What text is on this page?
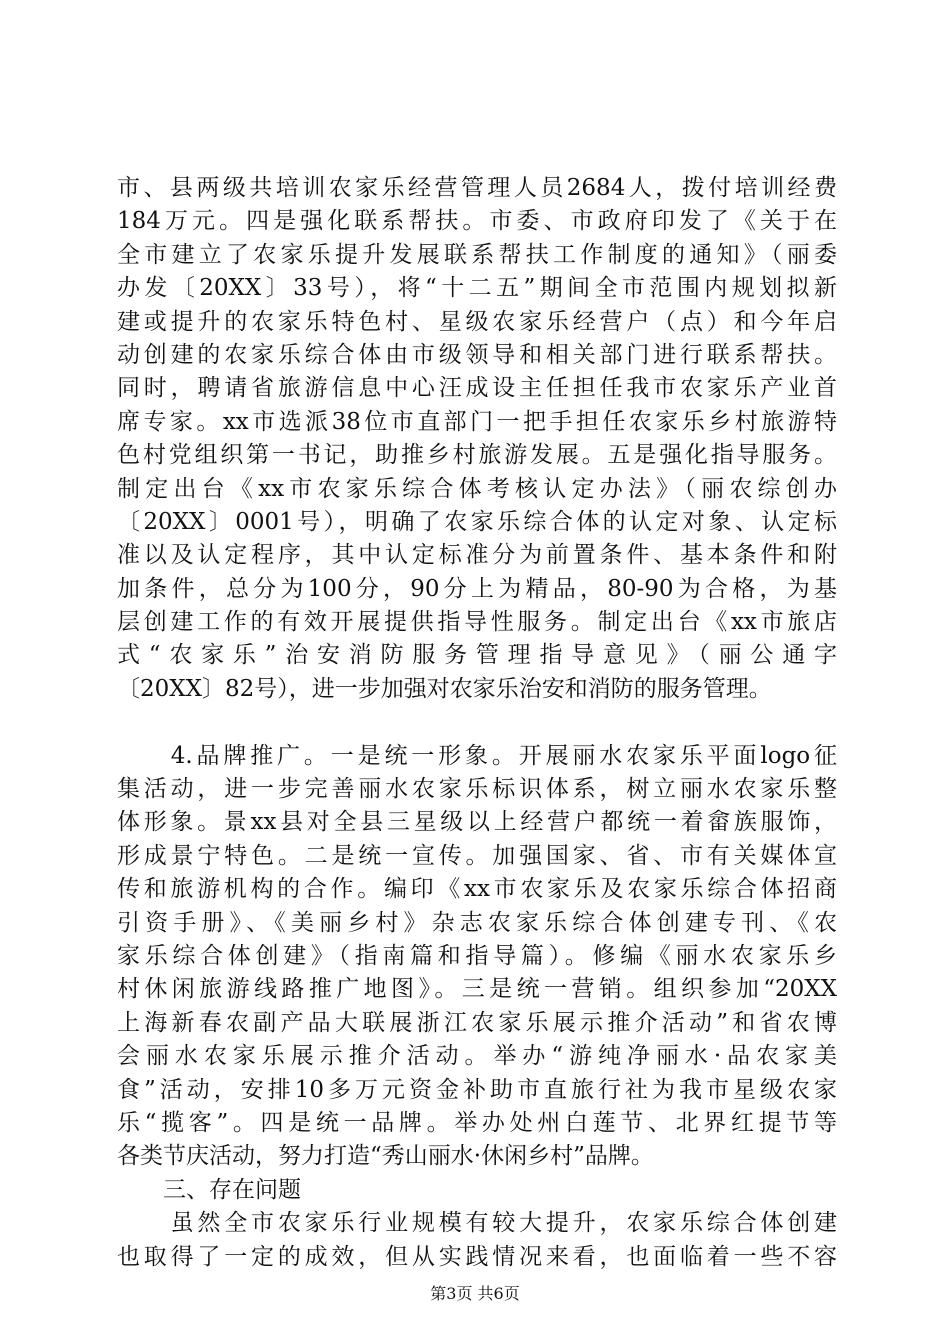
市、县两级共培训农家乐经营管理人员2684人，拨付培训经费
184万元。四是强化联系帮扶。市委、市政府印发了《关于在
全市建立了农家乐提升发展联系帮扶工作制度的通知》（丽委
办发〔20XX〕33号），将“十二五”期间全市范围内规划拟新
建或提升的农家乐特色村、星级农家乐经营户（点）和今年启
动创建的农家乐综合体由市级领导和相关部门进行联系帮扶。
同时，聘请省旅游信息中心汪成设主任担任我市农家乐产业首
席专家。xx市选派38位市直部门一把手担任农家乐乡村旅游特
色村党组织第一书记，助推乡村旅游发展。五是强化指导服务。
制定出台《xx市农家乐综合体考核认定办法》（丽农综创办
〔20XX〕0001号），明确了农家乐综合体的认定对象、认定标
准以及认定程序，其中认定标准分为前置条件、基本条件和附
加条件，总分为100分，90分上为精品，80-90为合格，为基
层创建工作的有效开展提供指导性服务。制定出台《xx市旅店
式“农家乐”治安消防服务管理指导意见》（丽公通字
〔20XX〕82号），进一步加强对农家乐治安和消防的服务管理。
　　4.品牌推广。一是统一形象。开展丽水农家乐平面logo征
集活动，进一步完善丽水农家乐标识体系，树立丽水农家乐整
体形象。景xx县对全县三星级以上经营户都统一着畲族服饰，
形成景宁特色。二是统一宣传。加强国家、省、市有关媒体宣
传和旅游机构的合作。编印《xx市农家乐及农家乐综合体招商
引资手册》、《美丽乡村》杂志农家乐综合体创建专刊、《农
家乐综合体创建》（指南篇和指导篇）。修编《丽水农家乐乡
村休闲旅游线路推广地图》。三是统一营销。组织参加“20XX
上海新春农副产品大联展浙江农家乐展示推介活动”和省农博
会丽水农家乐展示推介活动。举办“游纯净丽水·品农家美
食”活动，安排10多万元资金补助市直旅行社为我市星级农家
乐“揽客”。四是统一品牌。举办处州白莲节、北界红提节等
各类节庆活动，努力打造“秀山丽水·休闲乡村”品牌。
　　三、存在问题
　　虽然全市农家乐行业规模有较大提升，农家乐综合体创建
也取得了一定的成效，但从实践情况来看，也面临着一些不容
第3页 共6页
